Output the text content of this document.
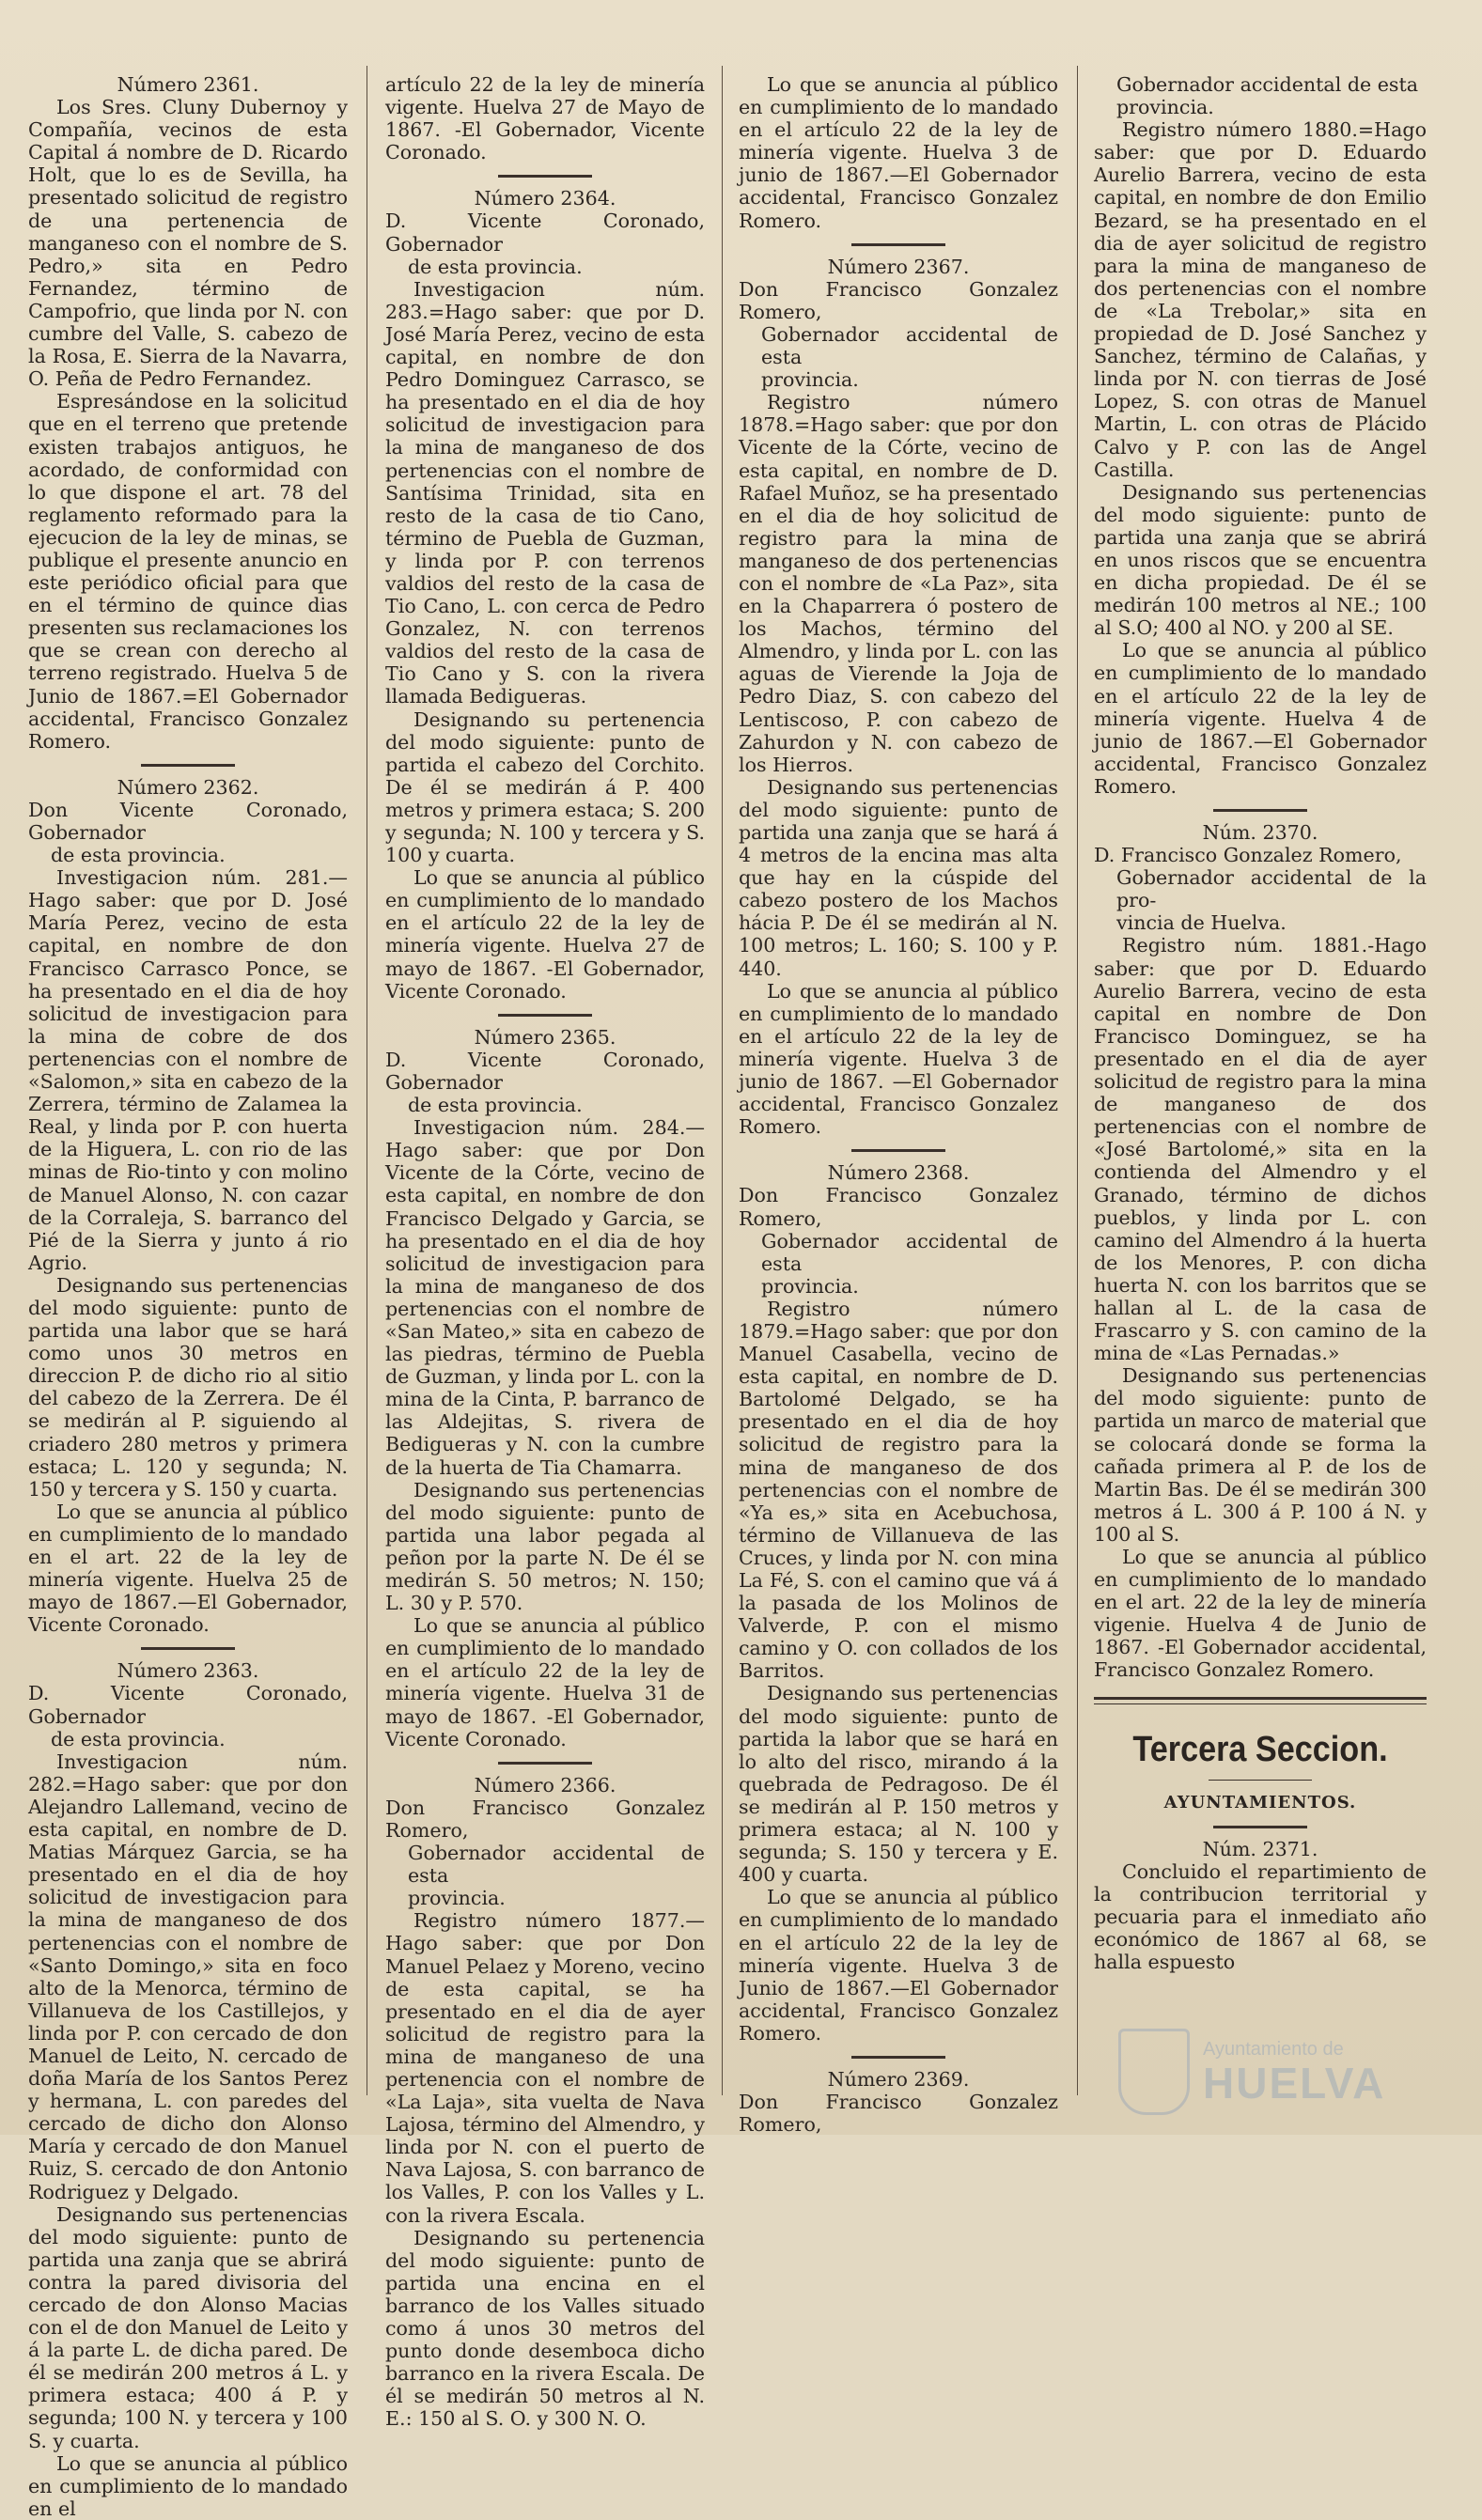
Número 2361.

Los Sres. Cluny Dubernoy y Compañía, vecinos de esta Capital á nombre de D. Ricardo Holt, que lo es de Sevilla, ha presentado solicitud de registro de una pertenencia de manganeso con el nombre de S. Pedro,» sita en Pedro Fernandez, término de Campofrio, que linda por N. con cumbre del Valle, S. cabezo de la Rosa, E. Sierra de la Navarra, O. Peña de Pedro Fernandez.

Espresándose en la solicitud que en el terreno que pretende existen trabajos antiguos, he acordado, de conformidad con lo que dispone el art. 78 del reglamento reformado para la ejecucion de la ley de minas, se publique el presente anuncio en este periódico oficial para que en el término de quince dias presenten sus reclamaciones los que se crean con derecho al terreno registrado. Huelva 5 de Junio de 1867.=El Gobernador accidental, Francisco Gonzalez Romero.

Número 2362.

Don Vicente Coronado, Gobernador
de esta provincia.

Investigacion núm. 281.—Hago saber: que por D. José María Perez, vecino de esta capital, en nombre de don Francisco Carrasco Ponce, se ha presentado en el dia de hoy solicitud de investigacion para la mina de cobre de dos pertenencias con el nombre de «Salomon,» sita en cabezo de la Zerrera, término de Zalamea la Real, y linda por P. con huerta de la Higuera, L. con rio de las minas de Rio-tinto y con molino de Manuel Alonso, N. con cazar de la Corraleja, S. barranco del Pié de la Sierra y junto á rio Agrio.

Designando sus pertenencias del modo siguiente: punto de partida una labor que se hará como unos 30 metros en direccion P. de dicho rio al sitio del cabezo de la Zerrera. De él se medirán al P. siguiendo al criadero 280 metros y primera estaca; L. 120 y segunda; N. 150 y tercera y S. 150 y cuarta.

Lo que se anuncia al público en cumplimiento de lo mandado en el art. 22 de la ley de minería vigente. Huelva 25 de mayo de 1867.—El Gobernador, Vicente Coronado.

Número 2363.

D. Vicente Coronado, Gobernador
de esta provincia.

Investigacion núm. 282.=Hago saber: que por don Alejandro Lallemand, vecino de esta capital, en nombre de D. Matias Márquez Garcia, se ha presentado en el dia de hoy solicitud de investigacion para la mina de manganeso de dos pertenencias con el nombre de «Santo Domingo,» sita en foco alto de la Menorca, término de Villanueva de los Castillejos, y linda por P. con cercado de don Manuel de Leito, N. cercado de doña María de los Santos Perez y hermana, L. con paredes del cercado de dicho don Alonso María y cercado de don Manuel Ruiz, S. cercado de don Antonio Rodriguez y Delgado.

Designando sus pertenencias del modo siguiente: punto de partida una zanja que se abrirá contra la pared divisoria del cercado de don Alonso Macias con el de don Manuel de Leito y á la parte L. de dicha pared. De él se medirán 200 metros á L. y primera estaca; 400 á P. y segunda; 100 N. y tercera y 100 S. y cuarta.

Lo que se anuncia al público en cumplimiento de lo mandado en el

artículo 22 de la ley de minería vigente. Huelva 27 de Mayo de 1867. -El Gobernador, Vicente Coronado.

Número 2364.

D. Vicente Coronado, Gobernador
de esta provincia.

Investigacion núm. 283.=Hago saber: que por D. José María Perez, vecino de esta capital, en nombre de don Pedro Dominguez Carrasco, se ha presentado en el dia de hoy solicitud de investigacion para la mina de manganeso de dos pertenencias con el nombre de Santísima Trinidad, sita en resto de la casa de tio Cano, término de Puebla de Guzman, y linda por P. con terrenos valdios del resto de la casa de Tio Cano, L. con cerca de Pedro Gonzalez, N. con terrenos valdios del resto de la casa de Tio Cano y S. con la rivera llamada Bedigueras.

Designando su pertenencia del modo siguiente: punto de partida el cabezo del Corchito. De él se medirán á P. 400 metros y primera estaca; S. 200 y segunda; N. 100 y tercera y S. 100 y cuarta.

Lo que se anuncia al público en cumplimiento de lo mandado en el artículo 22 de la ley de minería vigente. Huelva 27 de mayo de 1867. -El Gobernador, Vicente Coronado.

Número 2365.

D. Vicente Coronado, Gobernador
de esta provincia.

Investigacion núm. 284.—Hago saber: que por Don Vicente de la Córte, vecino de esta capital, en nombre de don Francisco Delgado y Garcia, se ha presentado en el dia de hoy solicitud de investigacion para la mina de manganeso de dos pertenencias con el nombre de «San Mateo,» sita en cabezo de las piedras, término de Puebla de Guzman, y linda por L. con la mina de la Cinta, P. barranco de las Aldejitas, S. rivera de Bedigueras y N. con la cumbre de la huerta de Tia Chamarra.

Designando sus pertenencias del modo siguiente: punto de partida una labor pegada al peñon por la parte N. De él se medirán S. 50 metros; N. 150; L. 30 y P. 570.

Lo que se anuncia al público en cumplimiento de lo mandado en el artículo 22 de la ley de minería vigente. Huelva 31 de mayo de 1867. -El Gobernador, Vicente Coronado.

Número 2366.

Don Francisco Gonzalez Romero,
Gobernador accidental de esta
provincia.

Registro número 1877.—Hago saber: que por Don Manuel Pelaez y Moreno, vecino de esta capital, se ha presentado en el dia de ayer solicitud de registro para la mina de manganeso de una pertenencia con el nombre de «La Laja», sita vuelta de Nava Lajosa, término del Almendro, y linda por N. con el puerto de Nava Lajosa, S. con barranco de los Valles, P. con los Valles y L. con la rivera Escala.

Designando su pertenencia del modo siguiente: punto de partida una encina en el barranco de los Valles situado como á unos 30 metros del punto donde desemboca dicho barranco en la rivera Escala. De él se medirán 50 metros al N. E.: 150 al S. O. y 300 N. O.

Lo que se anuncia al público en cumplimiento de lo mandado en el artículo 22 de la ley de minería vigente. Huelva 3 de junio de 1867.—El Gobernador accidental, Francisco Gonzalez Romero.

Número 2367.

Don Francisco Gonzalez Romero,
Gobernador accidental de esta
provincia.

Registro número 1878.=Hago saber: que por don Vicente de la Córte, vecino de esta capital, en nombre de D. Rafael Muñoz, se ha presentado en el dia de hoy solicitud de registro para la mina de manganeso de dos pertenencias con el nombre de «La Paz», sita en la Chaparrera ó postero de los Machos, término del Almendro, y linda por L. con las aguas de Vierende la Joja de Pedro Diaz, S. con cabezo del Lentiscoso, P. con cabezo de Zahurdon y N. con cabezo de los Hierros.

Designando sus pertenencias del modo siguiente: punto de partida una zanja que se hará á 4 metros de la encina mas alta que hay en la cúspide del cabezo postero de los Machos hácia P. De él se medirán al N. 100 metros; L. 160; S. 100 y P. 440.

Lo que se anuncia al público en cumplimiento de lo mandado en el artículo 22 de la ley de minería vigente. Huelva 3 de junio de 1867. —El Gobernador accidental, Francisco Gonzalez Romero.

Número 2368.

Don Francisco Gonzalez Romero,
Gobernador accidental de esta
provincia.

Registro número 1879.=Hago saber: que por don Manuel Casabella, vecino de esta capital, en nombre de D. Bartolomé Delgado, se ha presentado en el dia de hoy solicitud de registro para la mina de manganeso de dos pertenencias con el nombre de «Ya es,» sita en Acebuchosa, término de Villanueva de las Cruces, y linda por N. con mina La Fé, S. con el camino que vá á la pasada de los Molinos de Valverde, P. con el mismo camino y O. con collados de los Barritos.

Designando sus pertenencias del modo siguiente: punto de partida la labor que se hará en lo alto del risco, mirando á la quebrada de Pedragoso. De él se medirán al P. 150 metros y primera estaca; al N. 100 y segunda; S. 150 y tercera y E. 400 y cuarta.

Lo que se anuncia al público en cumplimiento de lo mandado en el artículo 22 de la ley de minería vigente. Huelva 3 de Junio de 1867.—El Gobernador accidental, Francisco Gonzalez Romero.

Número 2369.

Don Francisco Gonzalez Romero,

Gobernador accidental de esta
provincia.

Registro número 1880.=Hago saber: que por D. Eduardo Aurelio Barrera, vecino de esta capital, en nombre de don Emilio Bezard, se ha presentado en el dia de ayer solicitud de registro para la mina de manganeso de dos pertenencias con el nombre de «La Trebolar,» sita en propiedad de D. José Sanchez y Sanchez, término de Calañas, y linda por N. con tierras de José Lopez, S. con otras de Manuel Martin, L. con otras de Plácido Calvo y P. con las de Angel Castilla.

Designando sus pertenencias del modo siguiente: punto de partida una zanja que se abrirá en unos riscos que se encuentra en dicha propiedad. De él se medirán 100 metros al NE.; 100 al S.O; 400 al NO. y 200 al SE.

Lo que se anuncia al público en cumplimiento de lo mandado en el artículo 22 de la ley de minería vigente. Huelva 4 de junio de 1867.—El Gobernador accidental, Francisco Gonzalez Romero.

Núm. 2370.

D. Francisco Gonzalez Romero,
Gobernador accidental de la pro-
vincia de Huelva.

Registro núm. 1881.-Hago saber: que por D. Eduardo Aurelio Barrera, vecino de esta capital en nombre de Don Francisco Dominguez, se ha presentado en el dia de ayer solicitud de registro para la mina de manganeso de dos pertenencias con el nombre de «José Bartolomé,» sita en la contienda del Almendro y el Granado, término de dichos pueblos, y linda por L. con camino del Almendro á la huerta de los Menores, P. con dicha huerta N. con los barritos que se hallan al L. de la casa de Frascarro y S. con camino de la mina de «Las Pernadas.»

Designando sus pertenencias del modo siguiente: punto de partida un marco de material que se colocará donde se forma la cañada primera al P. de los de Martin Bas. De él se medirán 300 metros á L. 300 á P. 100 á N. y 100 al S.

Lo que se anuncia al público en cumplimiento de lo mandado en el art. 22 de la ley de minería vigenie. Huelva 4 de Junio de 1867. -El Gobernador accidental, Francisco Gonzalez Romero.

Tercera Seccion.
AYUNTAMIENTOS.
Núm. 2371.

Concluido el repartimiento de la contribucion territorial y pecuaria para el inmediato año económico de 1867 al 68, se halla espuesto

Ayuntamiento de
HUELVA
